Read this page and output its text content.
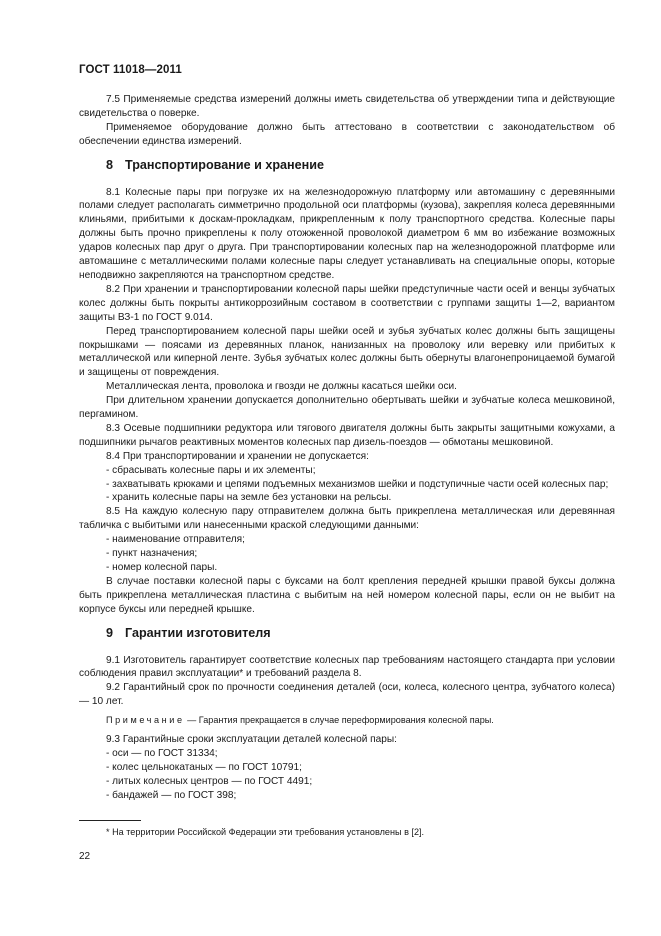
ГОСТ 11018—2011
7.5 Применяемые средства измерений должны иметь свидетельства об утверждении типа и действующие свидетельства о поверке.
Применяемое оборудование должно быть аттестовано в соответствии с законодательством об обеспечении единства измерений.
8 Транспортирование и хранение
8.1 Колесные пары при погрузке их на железнодорожную платформу или автомашину с деревянными полами следует располагать симметрично продольной оси платформы (кузова), закрепляя колеса деревянными клиньями, прибитыми к доскам-прокладкам, прикрепленным к полу транспортного средства. Колесные пары должны быть прочно прикреплены к полу отожженной проволокой диаметром 6 мм во избежание возможных ударов колесных пар друг о друга. При транспортировании колесных пар на железнодорожной платформе или автомашине с металлическими полами колесные пары следует устанавливать на специальные опоры, которые неподвижно закрепляются на транспортном средстве.
8.2 При хранении и транспортировании колесной пары шейки предступичные части осей и венцы зубчатых колес должны быть покрыты антикоррозийным составом в соответствии с группами защиты 1—2, вариантом защиты ВЗ-1 по ГОСТ 9.014.
Перед транспортированием колесной пары шейки осей и зубья зубчатых колес должны быть защищены покрышками — поясами из деревянных планок, нанизанных на проволоку или веревку или прибитых к металлической или киперной ленте. Зубья зубчатых колес должны быть обернуты влагонепроницаемой бумагой и защищены от повреждения.
Металлическая лента, проволока и гвозди не должны касаться шейки оси.
При длительном хранении допускается дополнительно обертывать шейки и зубчатые колеса мешковиной, пергамином.
8.3 Осевые подшипники редуктора или тягового двигателя должны быть закрыты защитными кожухами, а подшипники рычагов реактивных моментов колесных пар дизель-поездов — обмотаны мешковиной.
8.4 При транспортировании и хранении не допускается:
- сбрасывать колесные пары и их элементы;
- захватывать крюками и цепями подъемных механизмов шейки и подступичные части осей колесных пар;
- хранить колесные пары на земле без установки на рельсы.
8.5 На каждую колесную пару отправителем должна быть прикреплена металлическая или деревянная табличка с выбитыми или нанесенными краской следующими данными:
- наименование отправителя;
- пункт назначения;
- номер колесной пары.
В случае поставки колесной пары с буксами на болт крепления передней крышки правой буксы должна быть прикреплена металлическая пластина с выбитым на ней номером колесной пары, если он не выбит на корпусе буксы или передней крышке.
9 Гарантии изготовителя
9.1 Изготовитель гарантирует соответствие колесных пар требованиям настоящего стандарта при условии соблюдения правил эксплуатации* и требований раздела 8.
9.2 Гарантийный срок по прочности соединения деталей (оси, колеса, колесного центра, зубчатого колеса) — 10 лет.
Примечание — Гарантия прекращается в случае переформирования колесной пары.
9.3 Гарантийные сроки эксплуатации деталей колесной пары:
- оси — по ГОСТ 31334;
- колес цельнокатаных — по ГОСТ 10791;
- литых колесных центров — по ГОСТ 4491;
- бандажей — по ГОСТ 398;
* На территории Российской Федерации эти требования установлены в [2].
22
